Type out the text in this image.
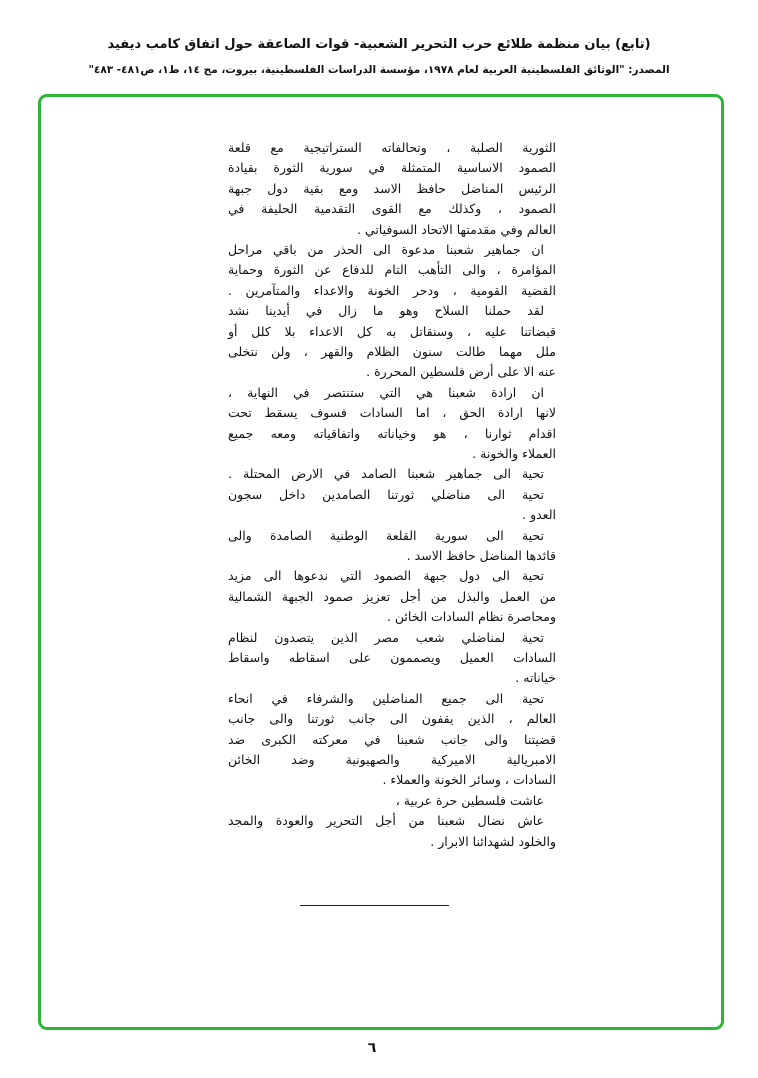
(تابع) بيان منظمة طلائع حرب التحرير الشعبية- قوات الصاعقة حول اتفاق كامب ديفيد
المصدر: "الوثائق الفلسطينية العربية لعام ١٩٧٨، مؤسسة الدراسات الفلسطينية، بيروت، مج ١٤، ط١، ص٤٨١- ٤٨٣"
الثورية الصلبة ، وتحالفاته الستراتيجية مع قلعة
الصمود الاساسية المتمثلة في سورية الثورة بقيادة
الرئيس المناضل حافظ الاسد ومع بقية دول جبهة
الصمود ، وكذلك مع القوى التقدمية الحليفة في
العالم وفي مقدمتها الاتحاد السوفياتي .
ان جماهير شعبنا مدعوة الى الحذر من باقي مراحل
المؤامرة ، والى التأهب التام للدفاع عن الثورة وحماية
القضية القومية ، ودحر الخونة والاعداء والمتآمرين .
لقد حملنا السلاح وهو ما زال في أيدينا نشد
قبضاتنا عليه ، وسنقاتل به كل الاعداء بلا كلل أو
ملل مهما طالت سنون الظلام والقهر ، ولن نتخلى
عنه الا على أرض فلسطين المحررة .
ان ارادة شعبنا هي التي ستنتصر في النهاية ،
لانها ارادة الحق ، اما السادات فسوف يسقط تحت
اقدام ثوارنا ، هو وخياناته واتفاقياته ومعه جميع
العملاء والخونة .
تحية الى جماهير شعبنا الصامد في الارض المحتلة .
تحية الى مناضلي ثورتنا الصامدين داخل سجون
العدو .
تحية الى سورية القلعة الوطنية الصامدة والى
قائدها المناضل حافظ الاسد .
تحية الى دول جبهة الصمود التي ندعوها الى مزيد
من العمل والبذل من أجل تعزيز صمود الجبهة الشمالية
ومحاصرة نظام السادات الخائن .
تحية لمناضلي شعب مصر الذين يتصدون لنظام
السادات العميل ويصممون على اسقاطه واسقاط
خياناته .
تحية الى جميع المناضلين والشرفاء في انحاء
العالم ، الذين يقفون الى جانب ثورتنا والى جانب
قضيتنا والى جانب شعبنا في معركته الكبرى ضد
الامبريالية الاميركية والصهيونية وضد الخائن
السادات ، وسائر الخونة والعملاء .
عاشت فلسطين حرة عربية ،
عاش نضال شعبنا من أجل التحرير والعودة والمجد
والخلود لشهدائنا الابرار .
٦
